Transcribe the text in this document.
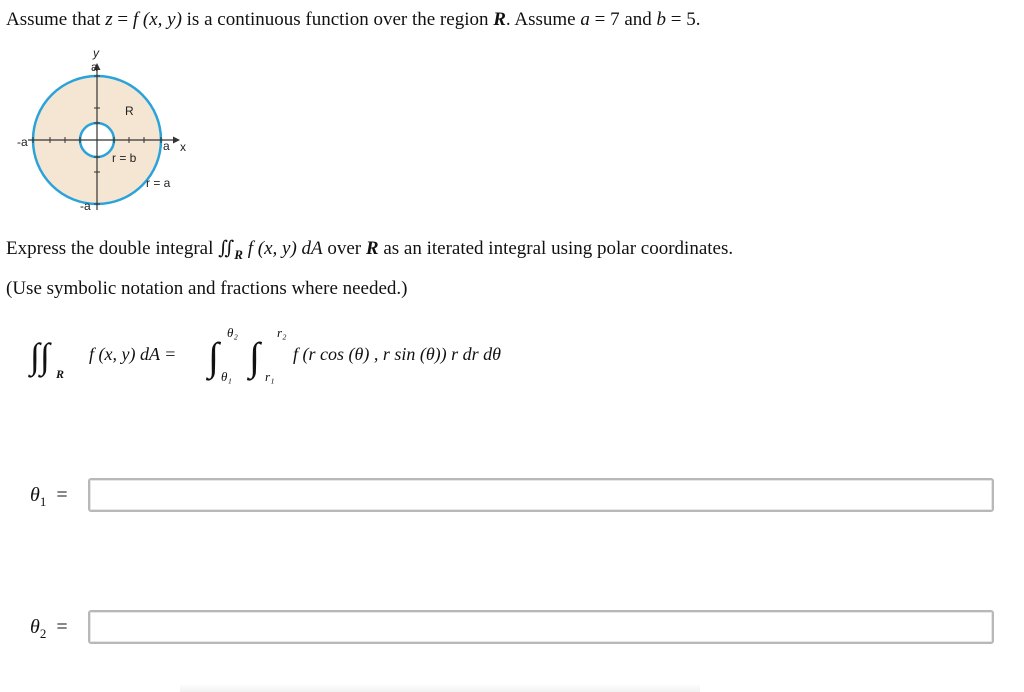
Assume that z = f (x, y) is a continuous function over the region R. Assume a = 7 and b = 5.
y
a
x
a
-a
-a
R
r = b
r = a
Express the double integral $∬_R$ f (x, y) dA over R as an iterated integral using polar coordinates.
(Use symbolic notation and fractions where needed.)
∫ ∫ R
f (x, y) dA = ∫
θ₂
θ₁ ∫
r₂
r₁
f (r cos (θ) , r sin (θ)) r dr dθ
$\theta_1$ =
$\theta_2$ =
